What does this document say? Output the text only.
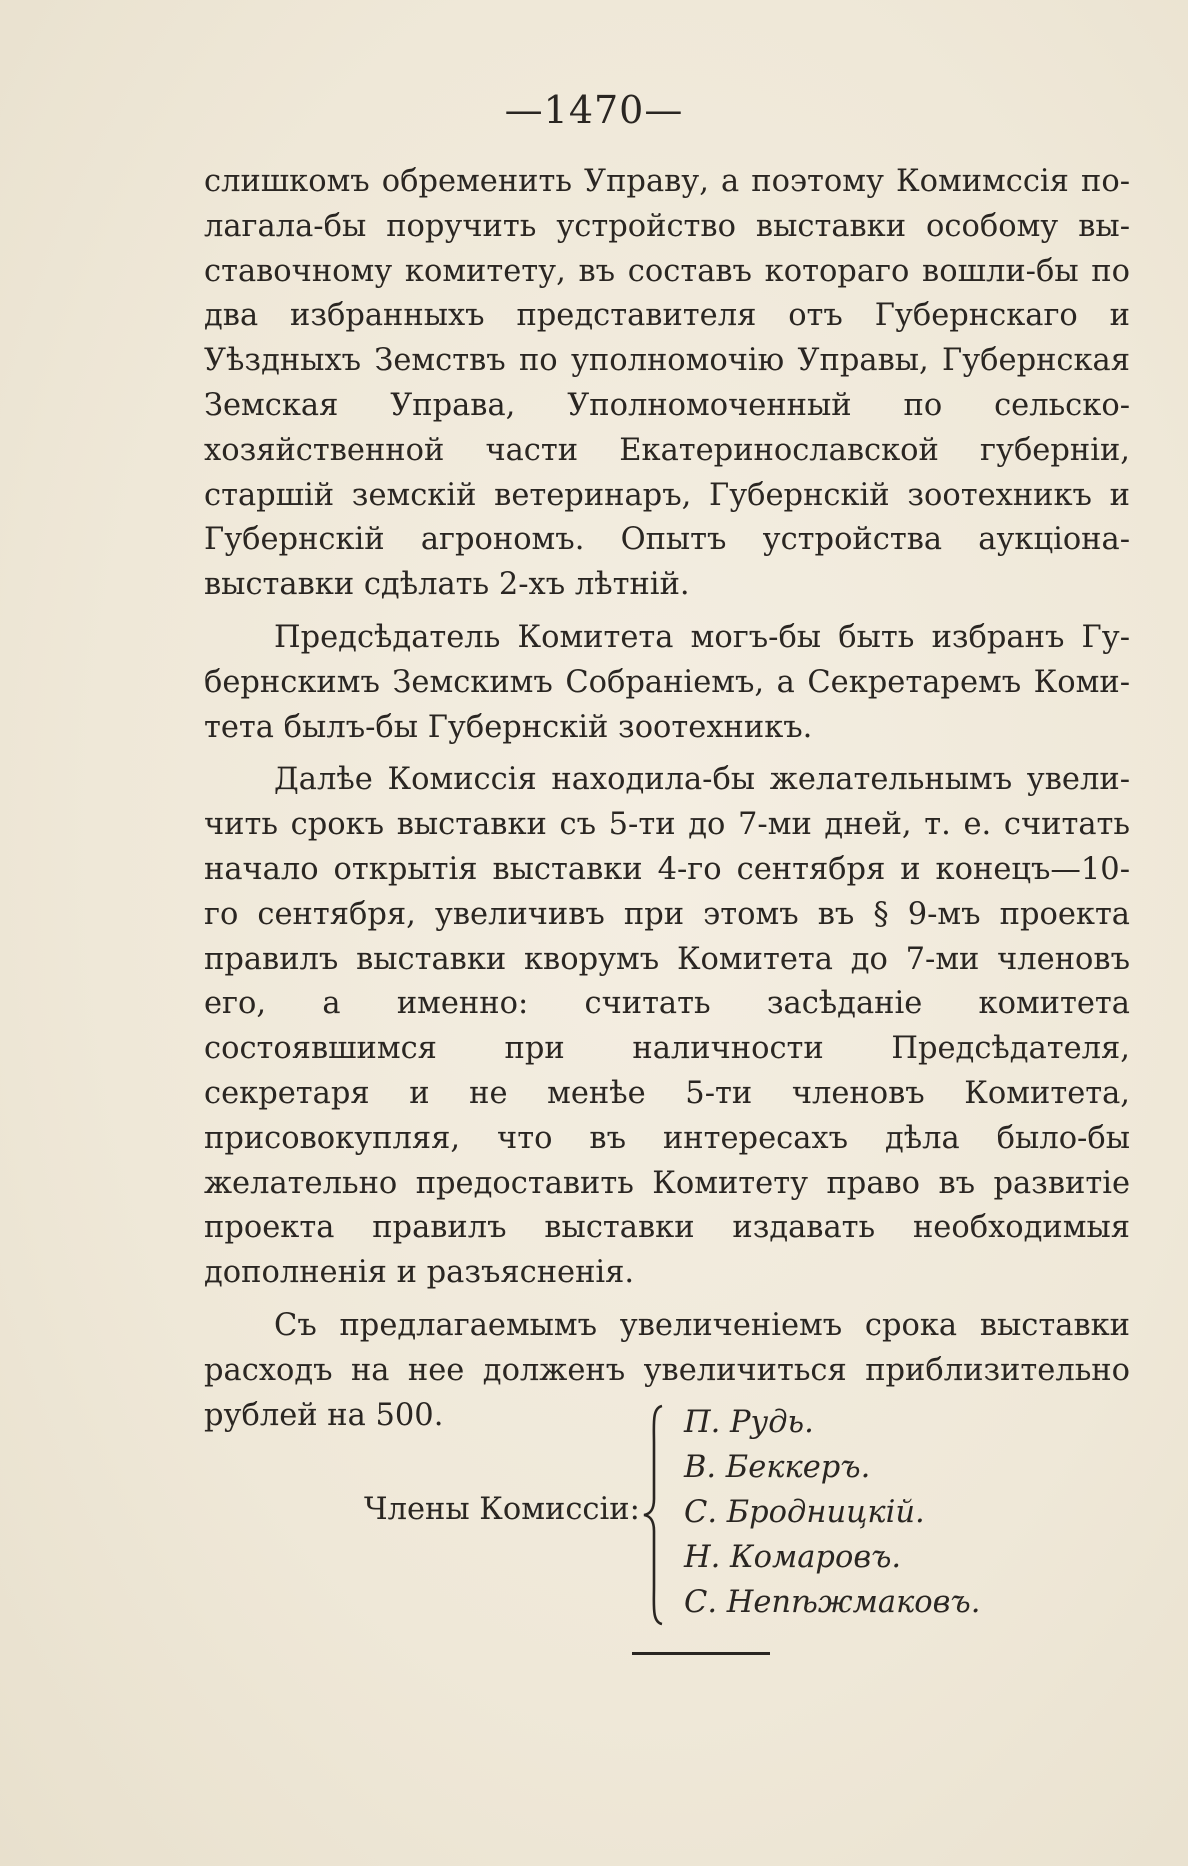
—1470—

слишкомъ обременить Управу, а поэтому Комимссія полагала-бы поручить устройство выставки особому выставочному комитету, въ составъ котораго вошли-бы по два избранныхъ представителя отъ Губернскаго и Уѣздныхъ Земствъ по уполномочію Управы, Губернская Земская Управа, Уполномоченный по сельско-хозяйственной части Екатеринославской губерніи, старшій земскій ветеринаръ, Губернскій зоотехникъ и Губернскій агрономъ. Опытъ устройства аукціона-выставки сдѣлать 2-хъ лѣтній.

Предсѣдатель Комитета могъ-бы быть избранъ Губернскимъ Земскимъ Собраніемъ, а Секретаремъ Комитета былъ-бы Губернскій зоотехникъ.

Далѣе Комиссія находила-бы желательнымъ увеличить срокъ выставки съ 5-ти до 7-ми дней, т. е. считать начало открытія выставки 4-го сентября и конецъ—10-го сентября, увеличивъ при этомъ въ § 9-мъ проекта правилъ выставки кворумъ Комитета до 7-ми членовъ его, а именно: считать засѣданіе комитета состоявшимся при наличности Предсѣдателя, секретаря и не менѣе 5-ти членовъ Комитета, присовокупляя, что въ интересахъ дѣла было-бы желательно предоставить Комитету право въ развитіе проекта правилъ выставки издавать необходимыя дополненія и разъясненія.

Съ предлагаемымъ увеличеніемъ срока выставки расходъ на нее долженъ увеличиться приблизительно рублей на 500.

Члены Комиссіи:
П. Рудь.
В. Беккеръ.
С. Бродницкій.
Н. Комаровъ.
С. Непѣжмаковъ.
